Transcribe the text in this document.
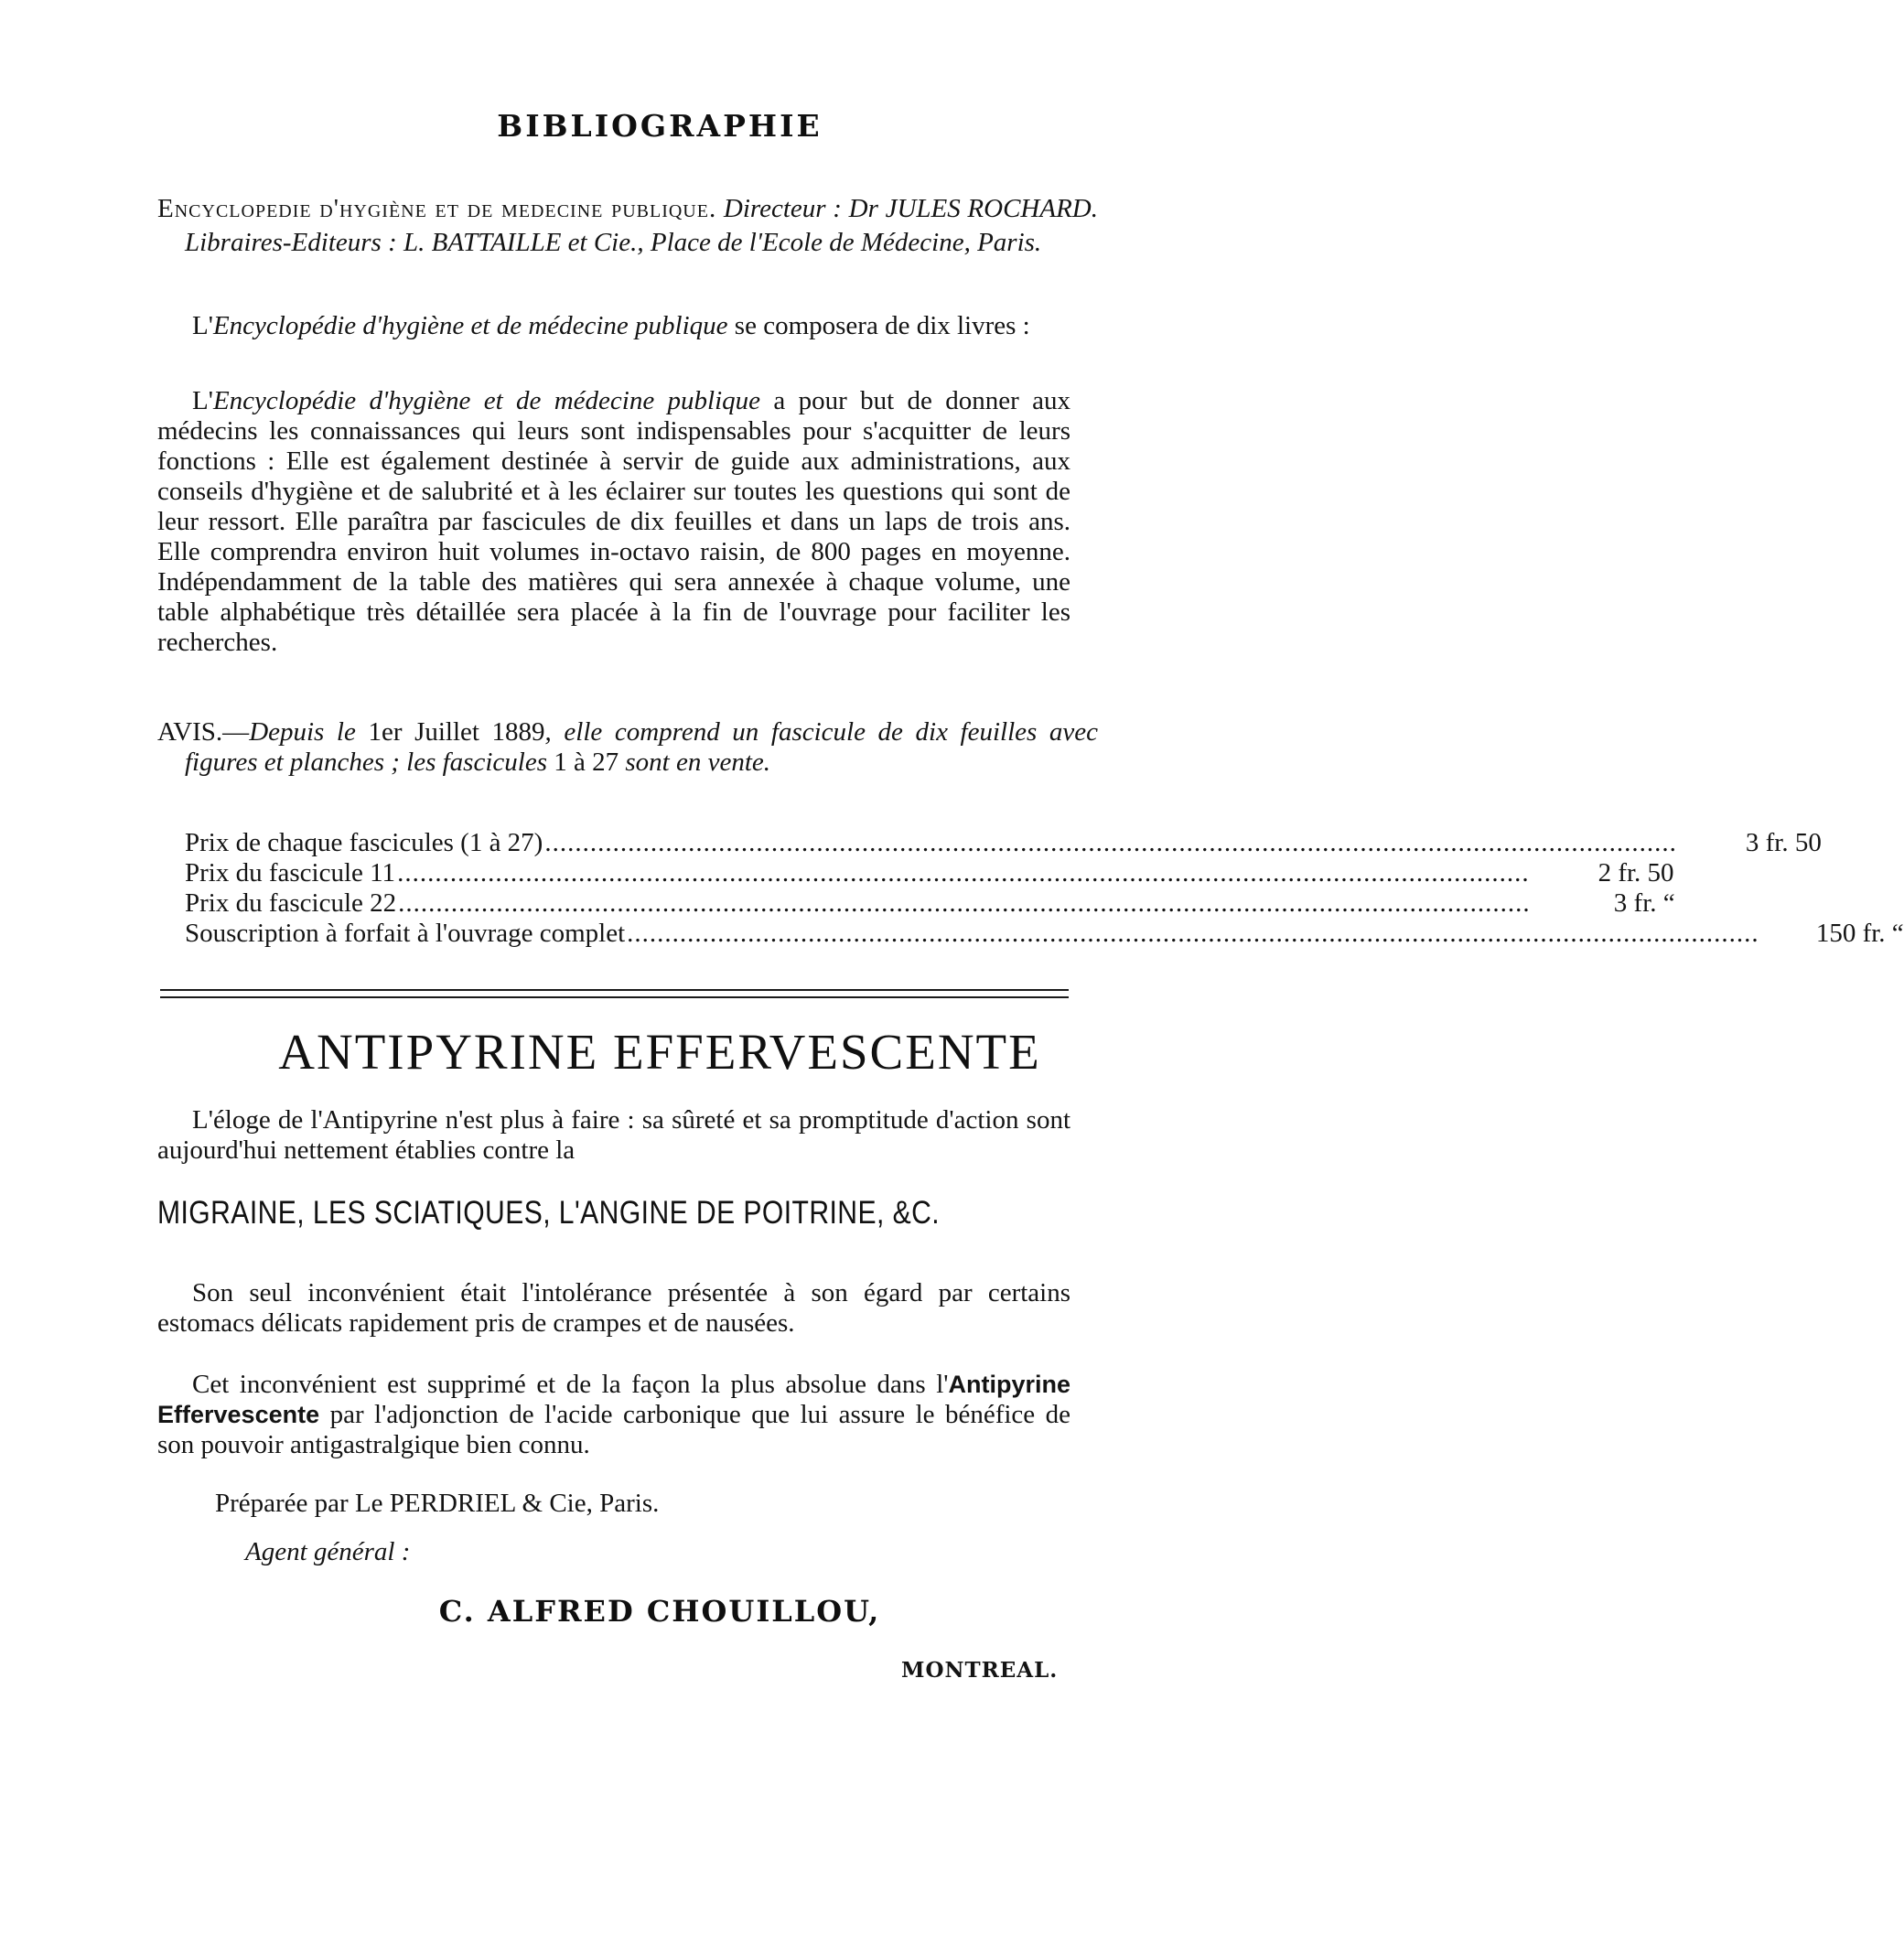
BIBLIOGRAPHIE
Encyclopedie d'hygiène et de medecine publique. Directeur : Dr JULES ROCHARD. Libraires-Editeurs : L. BATTAILLE et Cie., Place de l'Ecole de Médecine, Paris.

L'Encyclopédie d'hygiène et de médecine publique se composera de dix livres :

L'Encyclopédie d'hygiène et de médecine publique a pour but de donner aux médecins les connaissances qui leurs sont indispensables pour s'acquitter de leurs fonctions : Elle est également destinée à servir de guide aux administrations, aux conseils d'hygiène et de salubrité et à les éclairer sur toutes les questions qui sont de leur ressort. Elle paraîtra par fascicules de dix feuilles et dans un laps de trois ans. Elle comprendra environ huit volumes in-octavo raisin, de 800 pages en moyenne. Indépendamment de la table des matières qui sera annexée à chaque volume, une table alphabétique très détaillée sera placée à la fin de l'ouvrage pour faciliter les recherches.

AVIS.—Depuis le 1er Juillet 1889, elle comprend un fascicule de dix feuilles avec figures et planches ; les fascicules 1 à 27 sont en vente.
Prix de chaque fascicules (1 à 27) ......................................................................................................................................................	3 fr. 50
Prix du fascicule 11 ......................................................................................................................................................	2 fr. 50
Prix du fascicule 22 ......................................................................................................................................................	3 fr. “
Souscription à forfait à l'ouvrage complet ......................................................................................................................................................	150 fr. “
ANTIPYRINE EFFERVESCENTE

L'éloge de l'Antipyrine n'est plus à faire : sa sûreté et sa promptitude d'action sont aujourd'hui nettement établies contre la

MIGRAINE, LES SCIATIQUES, L'ANGINE DE POITRINE, &C.

Son seul inconvénient était l'intolérance présentée à son égard par certains estomacs délicats rapidement pris de crampes et de nausées.

Cet inconvénient est supprimé et de la façon la plus absolue dans l'Antipyrine Effervescente par l'adjonction de l'acide carbonique que lui assure le bénéfice de son pouvoir antigastralgique bien connu.

Préparée par Le PERDRIEL & Cie, Paris.
Agent général :
C. ALFRED CHOUILLOU,
MONTREAL.
